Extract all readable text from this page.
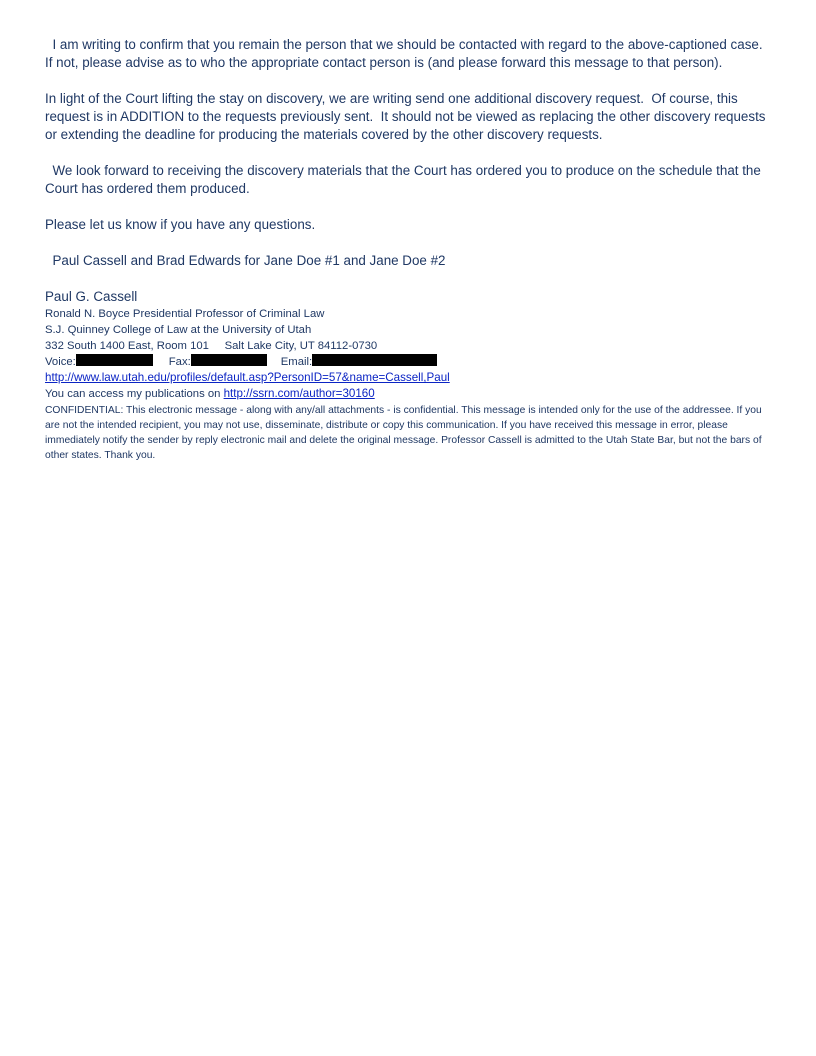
I am writing to confirm that you remain the person that we should be contacted with regard to the above-captioned case.  If not, please advise as to who the appropriate contact person is (and please forward this message to that person).

In light of the Court lifting the stay on discovery, we are writing send one additional discovery request.  Of course, this request is in ADDITION to the requests previously sent.  It should not be viewed as replacing the other discovery requests or extending the deadline for producing the materials covered by the other discovery requests.

We look forward to receiving the discovery materials that the Court has ordered you to produce on the schedule that the Court has ordered them produced.

Please let us know if you have any questions.

Paul Cassell and Brad Edwards for Jane Doe #1 and Jane Doe #2

Paul G. Cassell
Ronald N. Boyce Presidential Professor of Criminal Law
S.J. Quinney College of Law at the University of Utah
332 South 1400 East, Room 101     Salt Lake City, UT 84112-0730
Voice:	Fax:	Email:
http://www.law.utah.edu/profiles/default.asp?PersonID=57&name=Cassell,Paul
You can access my publications on http://ssrn.com/author=30160
CONFIDENTIAL: This electronic message - along with any/all attachments - is confidential. This message is intended only for the use of the addressee. If you are not the intended recipient, you may not use, disseminate, distribute or copy this communication. If you have received this message in error, please immediately notify the sender by reply electronic mail and delete the original message. Professor Cassell is admitted to the Utah State Bar, but not the bars of other states. Thank you.
